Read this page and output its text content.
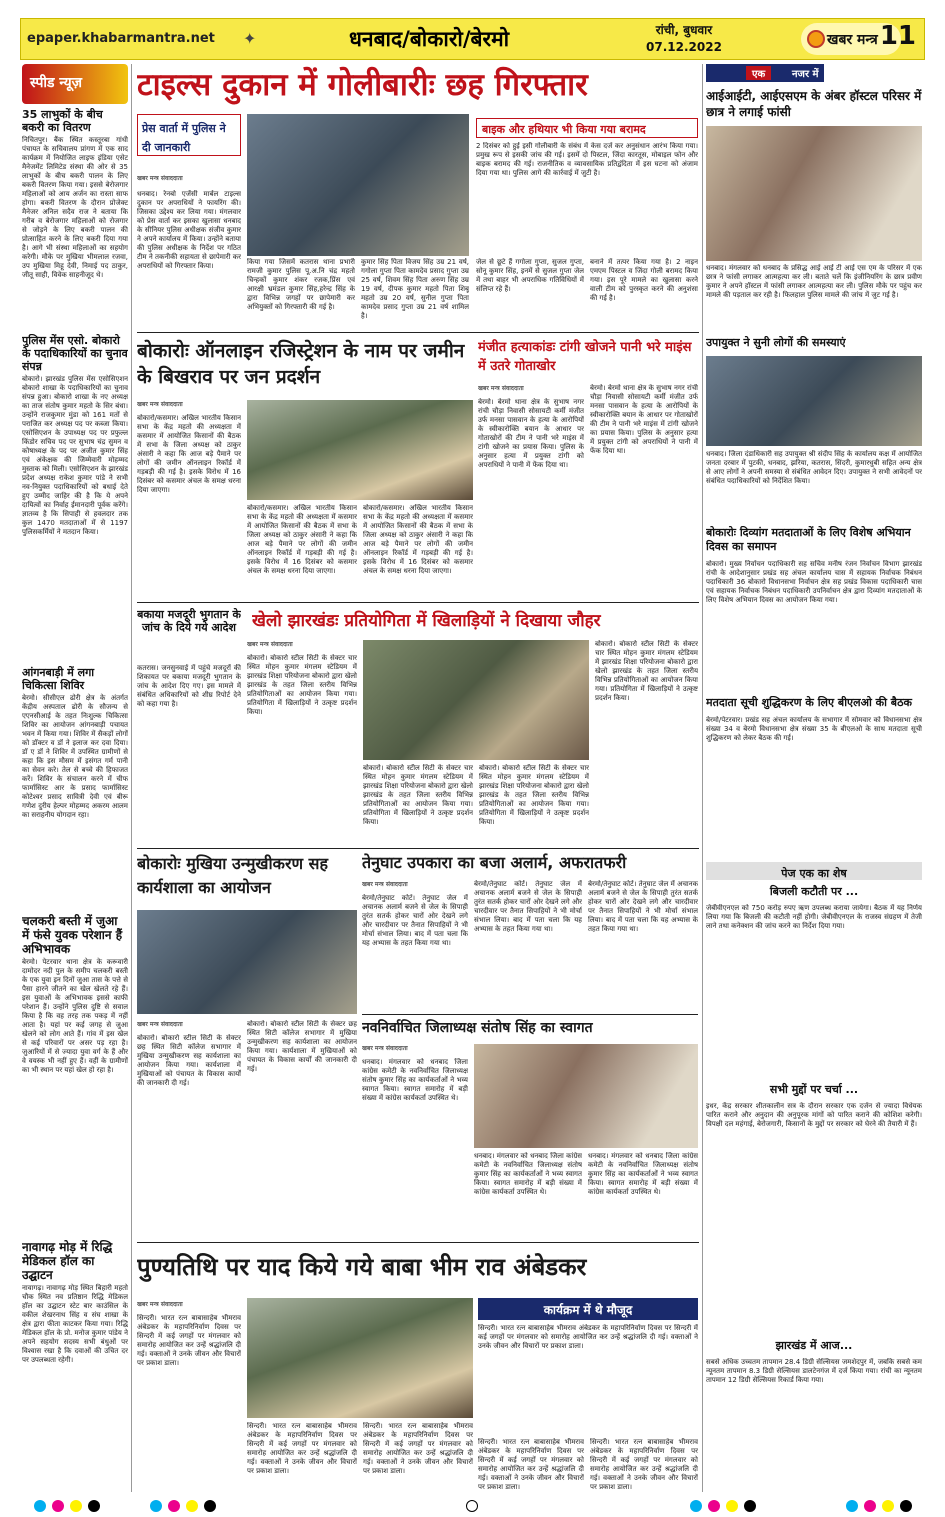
epaper.khabarmantra.net ✦	धनबाद/बोकारो/बेरमो	रांची, बुधवार
07.12.2022	खबर मन्त्र 11
स्पीड न्यूज़
35 लाभुकों के बीच बकरी का वितरण
निचितपुर। बैंक स्थित कस्तूरबा गांधी पंचायत के सचिवालय प्रांगण में एक साद कार्यक्रम में नियोजित लाइफ इंडिया एसेट मैनेजमेंट लिमिटेड संस्था की ओर से 35 लाभुकों के बीच बकरी पालन के लिए बकरी वितरण किया गया। इससे बेरोजगार महिलाओं को आय अर्जन का रास्ता साफ होगा। बकरी वितरण के दौरान प्रोजेक्ट मैनेजर अनिल सदैव राज ने बताया कि गरीब व बेरोजगार महिलाओं को रोजगार से जोड़ने के लिए बकरी पालन की प्रोत्साहित करने के लिए बकरी दिया गया है। आगे भी संस्था महिलाओं का सहयोग करेगी। मौके पर मुखिया भीमलाल रजवा, उप मुखिया मिहू देवी, निमाई पद ठाकुर, जीतू साही, विवेक साहनीजूद थे।
पुलिस मेंस एसो. बोकारो के पदाधिकारियों का चुनाव संपन्न
बोकारो। झारखंड पुलिस मेंस एसोसिएशन बोकारो शाखा के पदाधिकारियों का चुनाव संपन्न हुआ। बोकारो शाखा के नए अध्यक्ष का ताज संतोष कुमार महतो के सिर बंधा। उन्होंने राजकुमार मुंडा को 161 मतों से पराजित कर अध्यक्ष पद पर कब्जा किया। एसोसिएशन के उपाध्यक्ष पद पर प्रफुल्ल किंडोर सचिव पद पर सुभाष चंद्र सुमन व कोषाध्यक्ष के पद पर अजीत कुमार सिंह एवं अंकेक्षक की जिम्मेवारी मोहम्मद मुस्ताक को मिली। एसोसिएशन के झारखंड प्रदेश अध्यक्ष राकेश कुमार पांडे ने सभी नव-नियुक्त पदाधिकारियों को बधाई देते हुए उम्मीद जाहिर की है कि ये अपने दायित्वों का निर्वाह ईमानदारी पूर्वक करेंगे। ज्ञातव्य है कि सिपाही से हवलदार तक कुल 1470 मतदाताओं में से 1197 पुलिसकर्मियों ने मतदान किया।
आंगनबाड़ी में लगा चिकित्सा शिविर
बेरमो। सीसीएल ढोरी क्षेत्र के अंतर्गत केंद्रीय अस्पताल ढोरी के सौजन्य से एएनसीआई के तहत निःशुल्क चिकित्सा शिविर का आयोजन आंगनबाड़ी पचायत भवन में किया गया। शिविर में सैकड़ों लोगों को डॉक्टर व डॉ ने इलाज कर दवा दिया। डॉ ए डॉ ने शिविर में उपस्थित ग्रामीणों से कहा कि इस मौसम में इसंगत गर्म पानी का सेवन करे। तेल से बच्चे की हिफाजत करें। शिविर के संचालन करने में चीफ फार्मासिस्ट आर के प्रसाद फार्मासिस्ट कोटेश्वर प्रसाद सावित्री देवी एवं बीरू गणेश दुरीय हेल्पर मोहम्मद अकरम आलम का सराहनीय योगदान रहा।
चलकरी बस्ती में जुआ में फंसे युवक परेशान हैं अभिभावक
बेरमो। पेटरवार थाना क्षेत्र के करूवारी दामोदर नदी पुल के समीप चलकरी बस्ती के एक युवा इन दिनों जुआ तास के पत्ते से पैसा हारने जीतने का खेल खेलते रहे हैं। इस युवाओं के अभिभावक इससे काफी परेशान हैं। उन्होंने पुलिस दुष्टि से सवाल किया है कि वह तरह तक पकड़ में नहीं आता है। यहां पर कई जगह से जुआ खेलने को लोग आते हैं। गांव में इस खेल से कई परिवारों पर असर पड़ रहा है। जुआरियों में से ज्यादा युवा वर्ग के हैं और वे वयस्क भी नहीं हुए हैं। वहीं के ग्रामीणों का भी स्थान पर यहां खेल हो रहा है।
नावागढ़ मोड़ में रिद्धि मेडिकल हॉल का उद्घाटन
नावागढ़। नावागढ़ मोड़ स्थित बिहारी महतो चौक स्थित नव प्रतिष्ठान रिद्धि मेडिकल हॉल का उद्घाटन स्टेट बार काउंसिल के वकील शेखरनाथ सिंह व संघ शाखा के क्षेत्र द्वारा फीता काटकर किया गया। रिद्धि मेडिकल हॉल के प्रो. मनोज कुमार पांडेय ने अपने सहयोग सदस्य सभी बंधुओं पर विश्वास रखा है कि दवाओं की उचित दर पर उपलब्धता रहेगी।
टाइल्स दुकान में गोलीबारीः छह गिरफ्तार
प्रेस वार्ता में पुलिस ने दी जानकारी
खबर मन्त्र संवाददाता
धनबाद। रेनबो एजेंसी मार्बल टाइल्स दुकान पर अपराधियों ने फायरिंग की। जिसका उद्देश्य कर लिया गया। मंगलवार को प्रेस वार्ता कर इसका खुलासा धनबाद के सीनियर पुलिस अधीक्षक संजीव कुमार ने अपने कार्यालय में किया। उन्होंने बताया की पुलिस अधीक्षक के निर्देश पर गठित टीम ने तकनीकी सहायता से छापेमारी कर अपराधियों को गिरफ्तार किया।	किया गया जिसमें कतरास थाना प्रभारी रामजी कुमार पुलिस पू.अ.नि चंद्र महतो चिन्हकों कुमार शंकर रजक,प्रिंस एवं आरक्षी भ्रमंडल कुमार सिंह,हरेन्द्र सिंह के द्वारा विभिन्न जगहों पर छापेमारी कर अभियुक्तों को गिरफ्तारी की गई है।
कुमार सिंह पिता विजय सिंह उम्र 21 वर्ष, गगोला गुप्ता पिता कामदेव प्रसाद गुप्ता उम्र 25 वर्ष, शिवम सिंह पिता अरुण सिंह उम्र 19 वर्ष, दीपक कुमार महतो पिता शिबू महतो उम्र 20 वर्ष, सुनील गुप्ता पिता कामदेव प्रसाद गुप्ता उम्र 21 वर्ष शामिल है।
बाइक और हथियार भी किया गया बरामद
2 दिसंबर को हुई इसी गोलीबारी के संबंध में केस दर्ज कर अनुसंधान आरंभ किया गया। प्रमुख रूप से इसकी जांच की गई। इसमें दो पिस्टल, जिंदा कारतूस, मोबाइल फोन और बाइक बरामद की गई। राजनीतिक व व्यावसायिक प्रतिद्वंदिता में इस घटना को अंजाम दिया गया था। पुलिस आगे की कार्रवाई में जुटी है।
जेल से छूटे हैं गगोला गुप्ता, सुजल गुप्ता, सोनू कुमार सिंह, इनमें से सुजल गुप्ता जेल में तथा बाहर भी अपराधिक गतिविधियों में संलिप्त रहे हैं।
बनाने में तत्पर किया गया है। 2 नाइन एमएम पिस्टल व जिंदा गोली बरामद किया गया। इस पूरे मामले का खुलासा करने वाली टीम को पुरस्कृत करने की अनुशंसा की गई है।
एक	नजर में
आईआईटी, आईएसएम के अंबर हॉस्टल परिसर में छात्र ने लगाई फांसी
धनबाद। मंगलवार को धनबाद के प्रसिद्ध आई आई टी आई एस एम के परिसर में एक छात्र ने फांसी लगाकर आत्महत्या कर ली। बताते चलें कि इंजीनियरिंग के छात्र प्रवीण कुमार ने अपने हॉस्टल में फांसी लगाकर आत्महत्या कर ली। पुलिस मौके पर पहुंच कर मामले की पड़ताल कर रही है। फिलहाल पुलिस मामले की जांच में जुट गई है।
उपायुक्त ने सुनी लोगों की समस्याएं
धनबाद। जिला दंडाधिकारी सह उपायुक्त श्री संदीप सिंह के कार्यालय कक्ष में आयोजित जनता दरबार में पुटकी, धनबाद, झरिया, कतरास, सिंदरी, कुमारधुबी सहित अन्य क्षेत्र से आए लोगों ने अपनी समस्या से संबंधित आवेदन दिए। उपायुक्त ने सभी आवेदनों पर संबंधित पदाधिकारियों को निर्देशित किया।
बोकारोः दिव्यांग मतदाताओं के लिए विशेष अभियान दिवस का समापन
बोकारो। मुख्य निर्वाचन पदाधिकारी सह सचिव मनीष रंजन निर्वाचन विभाग झारखंड रांची के आदेशानुसार प्रखंड सह अंचल कार्यालय चास में सहायक निर्वाचक निबंधन पदाधिकारी 36 बोकारो विधानसभा निर्वाचन क्षेत्र सह प्रखंड विकास पदाधिकारी चास एवं सहायक निर्वाचक निबंधन पदाधिकारी उपनिर्वाचन क्षेत्र द्वारा दिव्यांग मतदाताओं के लिए विशेष अभियान दिवस का आयोजन किया गया।
मतदाता सूची शुद्धिकरण के लिए बीएलओ की बैठक
बेरमो/पेटरवार। प्रखंड सह अंचल कार्यालय के सभागार में सोमवार को विधानसभा क्षेत्र संख्या 34 व बेरमो विधानसभा क्षेत्र संख्या 35 के बीएलओ के साथ मतदाता सूची शुद्धिकरण को लेकर बैठक की गई।
पेज एक का शेष
बिजली कटौती पर ...
जेबीवीएनएल को 750 करोड़ रुपए ऋण उपलब्ध कराया जायेगा। बैठक में यह निर्णय लिया गया कि बिजली की कटौती नहीं होगी। जेबीवीएनएल के राजस्व संग्रहण में तेजी लाने तथा कनेक्शन की जांच करने का निर्देश दिया गया।
सभी मुद्दों पर चर्चा ...
इधर, केंद्र सरकार शीतकालीन सत्र के दौरान सरकार एक दर्जन से ज्यादा विधेयक पारित कराने और अनुदान की अनुपूरक मांगों को पारित कराने की कोशिश करेगी। विपक्षी दल महंगाई, बेरोजगारी, किसानों के मुद्दों पर सरकार को घेरने की तैयारी में हैं।
झारखंड में आज...
सबसे अधिक उच्चतम तापमान 28.4 डिग्री सेल्सियस जमशेदपुर में, जबकि सबसे कम न्यूनतम तापमान 8.3 डिग्री सेल्सियस डालटेनगंज में दर्ज किया गया। रांची का न्यूनतम तापमान 12 डिग्री सेल्सियस रिकार्ड किया गया।
बोकारोः ऑनलाइन रजिस्ट्रेशन के नाम पर जमीन के बिखराव पर जन प्रदर्शन
खबर मन्त्र संवाददाता
बोकारो/कसमार। अखिल भारतीय किसान सभा के केंद्र महतो की अध्यक्षता में कसमार में आयोजित किसानों की बैठक में सभा के जिला अध्यक्ष को ठाकुर अंसारी ने कहा कि आज बड़े पैमाने पर लोगों की जमीन ऑनलाइन रिकॉर्ड में गड़बड़ी की गई है। इसके विरोध में 16 दिसंबर को कसमार अंचल के समक्ष धरना दिया जाएगा।
बोकारो/कसमार। अखिल भारतीय किसान सभा के केंद्र महतो की अध्यक्षता में कसमार में आयोजित किसानों की बैठक में सभा के जिला अध्यक्ष को ठाकुर अंसारी ने कहा कि आज बड़े पैमाने पर लोगों की जमीन ऑनलाइन रिकॉर्ड में गड़बड़ी की गई है। इसके विरोध में 16 दिसंबर को कसमार अंचल के समक्ष धरना दिया जाएगा।
बोकारो/कसमार। अखिल भारतीय किसान सभा के केंद्र महतो की अध्यक्षता में कसमार में आयोजित किसानों की बैठक में सभा के जिला अध्यक्ष को ठाकुर अंसारी ने कहा कि आज बड़े पैमाने पर लोगों की जमीन ऑनलाइन रिकॉर्ड में गड़बड़ी की गई है। इसके विरोध में 16 दिसंबर को कसमार अंचल के समक्ष धरना दिया जाएगा।
मंजीत हत्याकांडः टांगी खोजने पानी भरे माइंस में उतरे गोताखोर
खबर मन्त्र संवाददाता
बेरमो। बेरमो थाना क्षेत्र के सुभाष नगर रांची चौड़ा निवासी सोसायटी कर्मी मंजीत उर्फ मनसा पासवान के हत्या के आरोपियों के स्वीकारोक्ति बयान के आधार पर गोताखोरों की टीम ने पानी भरे माइंस में टांगी खोजने का प्रयास किया। पुलिस के अनुसार हत्या में प्रयुक्त टांगी को अपराधियों ने पानी में फेंक दिया था।
बेरमो। बेरमो थाना क्षेत्र के सुभाष नगर रांची चौड़ा निवासी सोसायटी कर्मी मंजीत उर्फ मनसा पासवान के हत्या के आरोपियों के स्वीकारोक्ति बयान के आधार पर गोताखोरों की टीम ने पानी भरे माइंस में टांगी खोजने का प्रयास किया। पुलिस के अनुसार हत्या में प्रयुक्त टांगी को अपराधियों ने पानी में फेंक दिया था।
बकाया मजदूरी भुगतान के जांच के दिये गये आदेश
कतरास। जनसुनवाई में पहुंचे मजदूरों की शिकायत पर बकाया मजदूरी भुगतान के जांच के आदेश दिए गए। इस मामले में संबंधित अधिकारियों को शीघ्र रिपोर्ट देने को कहा गया है।
खेलो झारखंडः प्रतियोगिता में खिलाड़ियों ने दिखाया जौहर
खबर मन्त्र संवाददाता
बोकारो। बोकारो स्टील सिटी के सेक्टर चार स्थित मोहन कुमार मंगलम स्टेडियम में झारखंड शिक्षा परियोजना बोकारो द्वारा खेलो झारखंड के तहत जिला स्तरीय विभिन्न प्रतियोगिताओं का आयोजन किया गया। प्रतियोगिता में खिलाड़ियों ने उत्कृष्ट प्रदर्शन किया।
बोकारो। बोकारो स्टील सिटी के सेक्टर चार स्थित मोहन कुमार मंगलम स्टेडियम में झारखंड शिक्षा परियोजना बोकारो द्वारा खेलो झारखंड के तहत जिला स्तरीय विभिन्न प्रतियोगिताओं का आयोजन किया गया। प्रतियोगिता में खिलाड़ियों ने उत्कृष्ट प्रदर्शन किया।
बोकारो। बोकारो स्टील सिटी के सेक्टर चार स्थित मोहन कुमार मंगलम स्टेडियम में झारखंड शिक्षा परियोजना बोकारो द्वारा खेलो झारखंड के तहत जिला स्तरीय विभिन्न प्रतियोगिताओं का आयोजन किया गया। प्रतियोगिता में खिलाड़ियों ने उत्कृष्ट प्रदर्शन किया।
बोकारो। बोकारो स्टील सिटी के सेक्टर चार स्थित मोहन कुमार मंगलम स्टेडियम में झारखंड शिक्षा परियोजना बोकारो द्वारा खेलो झारखंड के तहत जिला स्तरीय विभिन्न प्रतियोगिताओं का आयोजन किया गया। प्रतियोगिता में खिलाड़ियों ने उत्कृष्ट प्रदर्शन किया।
बोकारोः मुखिया उन्मुखीकरण सह कार्यशाला का आयोजन
खबर मन्त्र संवाददाता
बोकारो। बोकारो स्टील सिटी के सेक्टर छह स्थित सिटी कॉलेज सभागार में मुखिया उन्मुखीकरण सह कार्यशाला का आयोजन किया गया। कार्यशाला में मुखियाओं को पंचायत के विकास कार्यों की जानकारी दी गई।
बोकारो। बोकारो स्टील सिटी के सेक्टर छह स्थित सिटी कॉलेज सभागार में मुखिया उन्मुखीकरण सह कार्यशाला का आयोजन किया गया। कार्यशाला में मुखियाओं को पंचायत के विकास कार्यों की जानकारी दी गई।
तेनुघाट उपकारा का बजा अलार्म, अफरातफरी
खबर मन्त्र संवाददाता
बेरमो/तेनुघाट कोर्ट। तेनुघाट जेल में अचानक अलार्म बजने से जेल के सिपाही तुरंत सतर्क होकर चारों ओर देखने लगे और चारदीवार पर तैनात सिपाहियों ने भी मोर्चा संभाल लिया। बाद में पता चला कि यह अभ्यास के तहत किया गया था।
बेरमो/तेनुघाट कोर्ट। तेनुघाट जेल में अचानक अलार्म बजने से जेल के सिपाही तुरंत सतर्क होकर चारों ओर देखने लगे और चारदीवार पर तैनात सिपाहियों ने भी मोर्चा संभाल लिया। बाद में पता चला कि यह अभ्यास के तहत किया गया था।
बेरमो/तेनुघाट कोर्ट। तेनुघाट जेल में अचानक अलार्म बजने से जेल के सिपाही तुरंत सतर्क होकर चारों ओर देखने लगे और चारदीवार पर तैनात सिपाहियों ने भी मोर्चा संभाल लिया। बाद में पता चला कि यह अभ्यास के तहत किया गया था।
नवनिर्वाचित जिलाध्यक्ष संतोष सिंह का स्वागत
खबर मन्त्र संवाददाता
धनबाद। मंगलवार को धनबाद जिला कांग्रेस कमेटी के नवनिर्वाचित जिलाध्यक्ष संतोष कुमार सिंह का कार्यकर्ताओं ने भव्य स्वागत किया। स्वागत समारोह में बड़ी संख्या में कांग्रेस कार्यकर्ता उपस्थित थे।
धनबाद। मंगलवार को धनबाद जिला कांग्रेस कमेटी के नवनिर्वाचित जिलाध्यक्ष संतोष कुमार सिंह का कार्यकर्ताओं ने भव्य स्वागत किया। स्वागत समारोह में बड़ी संख्या में कांग्रेस कार्यकर्ता उपस्थित थे।
धनबाद। मंगलवार को धनबाद जिला कांग्रेस कमेटी के नवनिर्वाचित जिलाध्यक्ष संतोष कुमार सिंह का कार्यकर्ताओं ने भव्य स्वागत किया। स्वागत समारोह में बड़ी संख्या में कांग्रेस कार्यकर्ता उपस्थित थे।
पुण्यतिथि पर याद किये गये बाबा भीम राव अंबेडकर
खबर मन्त्र संवाददाता
सिन्दरी। भारत रत्न बाबासाहेब भीमराव अंबेडकर के महापरिनिर्वाण दिवस पर सिन्दरी में कई जगहों पर मंगलवार को समारोह आयोजित कर उन्हें श्रद्धांजलि दी गई। वक्ताओं ने उनके जीवन और विचारों पर प्रकाश डाला।
सिन्दरी। भारत रत्न बाबासाहेब भीमराव अंबेडकर के महापरिनिर्वाण दिवस पर सिन्दरी में कई जगहों पर मंगलवार को समारोह आयोजित कर उन्हें श्रद्धांजलि दी गई। वक्ताओं ने उनके जीवन और विचारों पर प्रकाश डाला।
सिन्दरी। भारत रत्न बाबासाहेब भीमराव अंबेडकर के महापरिनिर्वाण दिवस पर सिन्दरी में कई जगहों पर मंगलवार को समारोह आयोजित कर उन्हें श्रद्धांजलि दी गई। वक्ताओं ने उनके जीवन और विचारों पर प्रकाश डाला।
कार्यक्रम में थे मौजूद
सिन्दरी। भारत रत्न बाबासाहेब भीमराव अंबेडकर के महापरिनिर्वाण दिवस पर सिन्दरी में कई जगहों पर मंगलवार को समारोह आयोजित कर उन्हें श्रद्धांजलि दी गई। वक्ताओं ने उनके जीवन और विचारों पर प्रकाश डाला।
सिन्दरी। भारत रत्न बाबासाहेब भीमराव अंबेडकर के महापरिनिर्वाण दिवस पर सिन्दरी में कई जगहों पर मंगलवार को समारोह आयोजित कर उन्हें श्रद्धांजलि दी गई। वक्ताओं ने उनके जीवन और विचारों पर प्रकाश डाला।
सिन्दरी। भारत रत्न बाबासाहेब भीमराव अंबेडकर के महापरिनिर्वाण दिवस पर सिन्दरी में कई जगहों पर मंगलवार को समारोह आयोजित कर उन्हें श्रद्धांजलि दी गई। वक्ताओं ने उनके जीवन और विचारों पर प्रकाश डाला।
